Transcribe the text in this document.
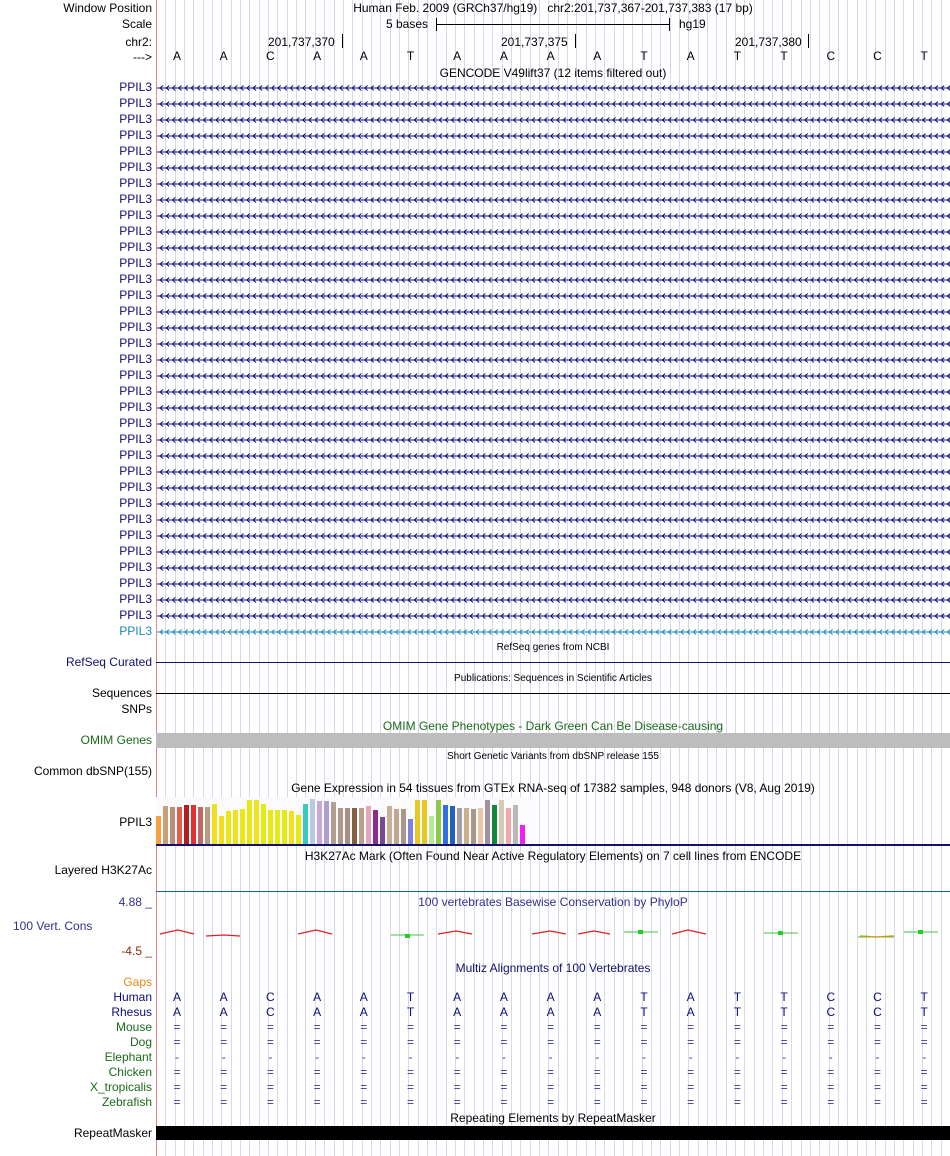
Window Position	Human Feb. 2009 (GRCh37/hg19) chr2:201,737,367-201,737,383 (17 bp)
Scale	5 bases	hg19
chr2:	201,737,370	201,737,375	201,737,380
--->	A	A	C	A	A	T	A	A	A	A	T	A	T	T	C	C	T
GENCODE V49lift37 (12 items filtered out)
PPIL3
PPIL3
PPIL3
PPIL3
PPIL3
PPIL3
PPIL3
PPIL3
PPIL3
PPIL3
PPIL3
PPIL3
PPIL3
PPIL3
PPIL3
PPIL3
PPIL3
PPIL3
PPIL3
PPIL3
PPIL3
PPIL3
PPIL3
PPIL3
PPIL3
PPIL3
PPIL3
PPIL3
PPIL3
PPIL3
PPIL3
PPIL3
PPIL3
PPIL3
PPIL3
RefSeq genes from NCBI
RefSeq Curated
Publications: Sequences in Scientific Articles
Sequences
SNPs
OMIM Gene Phenotypes - Dark Green Can Be Disease-causing
OMIM Genes
Short Genetic Variants from dbSNP release 155
Common dbSNP(155)
Gene Expression in 54 tissues from GTEx RNA-seq of 17382 samples, 948 donors (V8, Aug 2019)
PPIL3
H3K27Ac Mark (Often Found Near Active Regulatory Elements) on 7 cell lines from ENCODE
Layered H3K27Ac
100 vertebrates Basewise Conservation by PhyloP
4.88 _
100 Vert. Cons
-4.5 _
Multiz Alignments of 100 Vertebrates
Gaps
Human	A	A	C	A	A	T	A	A	A	A	T	A	T	T	C	C	T
Rhesus	A	A	C	A	A	T	A	A	A	A	T	A	T	T	C	C	T
Mouse	=	=	=	=	=	=	=	=	=	=	=	=	=	=	=	=	=
Dog	=	=	=	=	=	=	=	=	=	=	=	=	=	=	=	=	=
Elephant	-	-	-	-	-	-	-	-	-	-	-	-	-	-	-	-	-
Chicken	=	=	=	=	=	=	=	=	=	=	=	=	=	=	=	=	=
X_tropicalis	=	=	=	=	=	=	=	=	=	=	=	=	=	=	=	=	=
Zebrafish	=	=	=	=	=	=	=	=	=	=	=	=	=	=	=	=	=
Repeating Elements by RepeatMasker
RepeatMasker
